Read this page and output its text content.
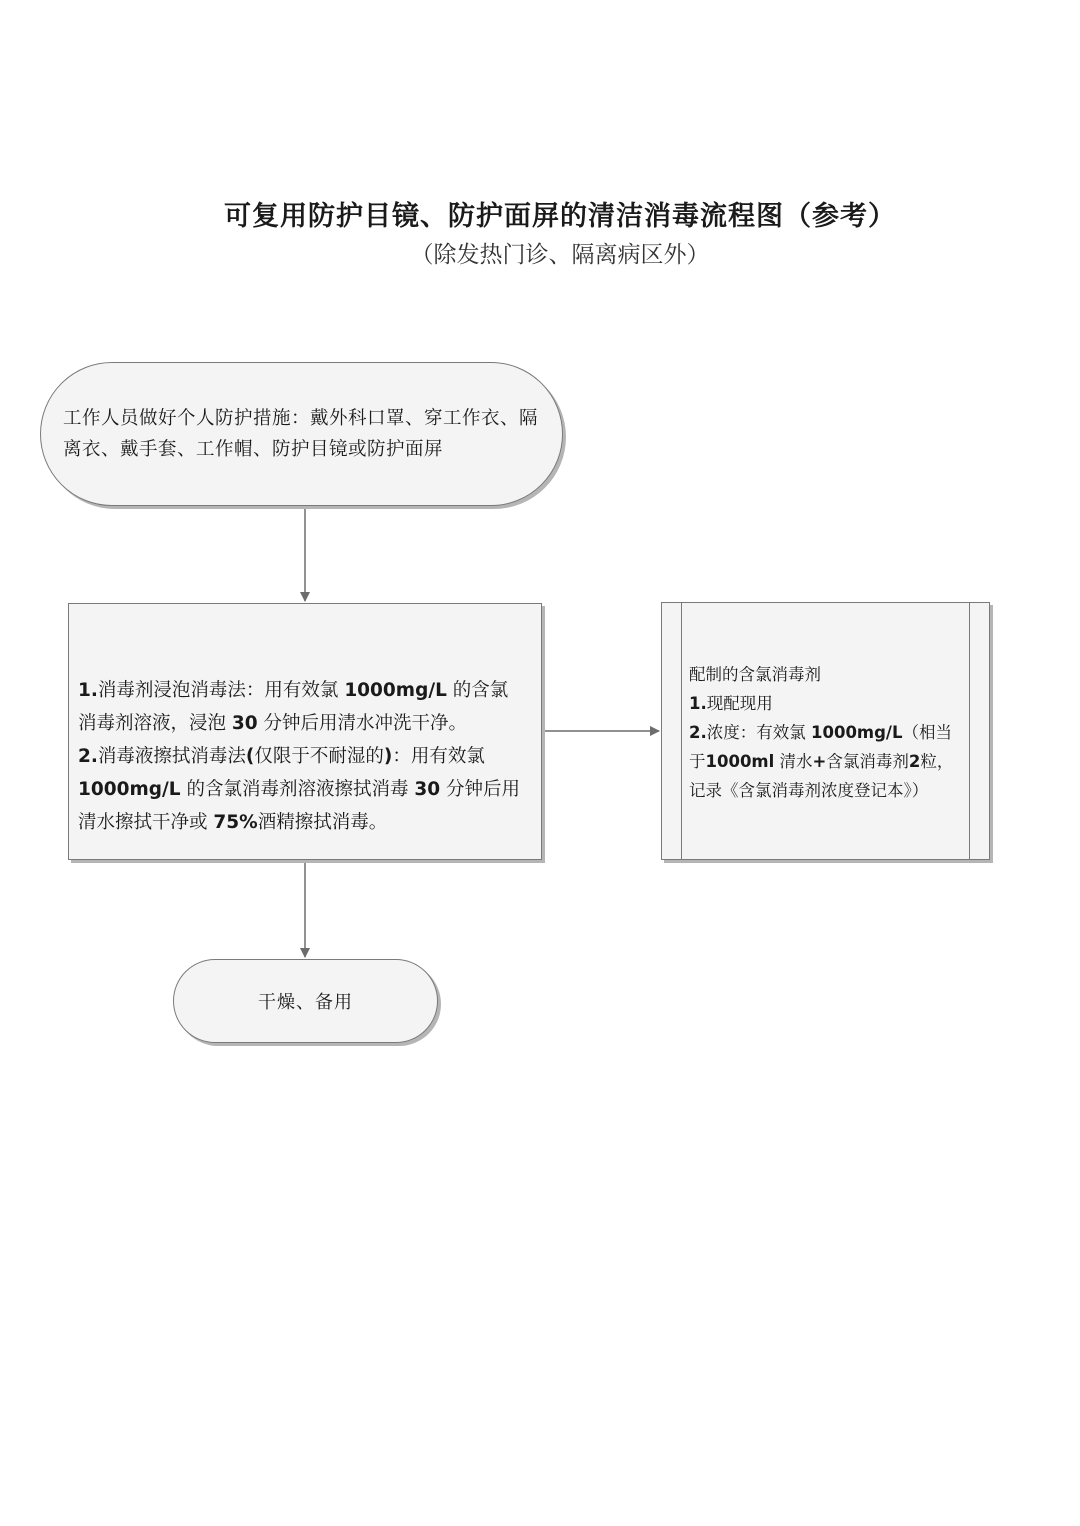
可复用防护目镜、防护面屏的清洁消毒流程图（参考）
（除发热门诊、隔离病区外）
工作人员做好个人防护措施：戴外科口罩、穿工作衣、隔
离衣、戴手套、工作帽、防护目镜或防护面屏

1.消毒剂浸泡消毒法：用有效氯 1000mg/L 的含氯

消毒剂溶液，浸泡 30 分钟后用清水冲洗干净。

2.消毒液擦拭消毒法(仅限于不耐湿的)：用有效氯

1000mg/L 的含氯消毒剂溶液擦拭消毒 30 分钟后用

清水擦拭干净或 75%酒精擦拭消毒。

配制的含氯消毒剂

1.现配现用

2.浓度：有效氯 1000mg/L（相当

于1000ml 清水+含氯消毒剂2粒，

记录《含氯消毒剂浓度登记本》）

干燥、备用
